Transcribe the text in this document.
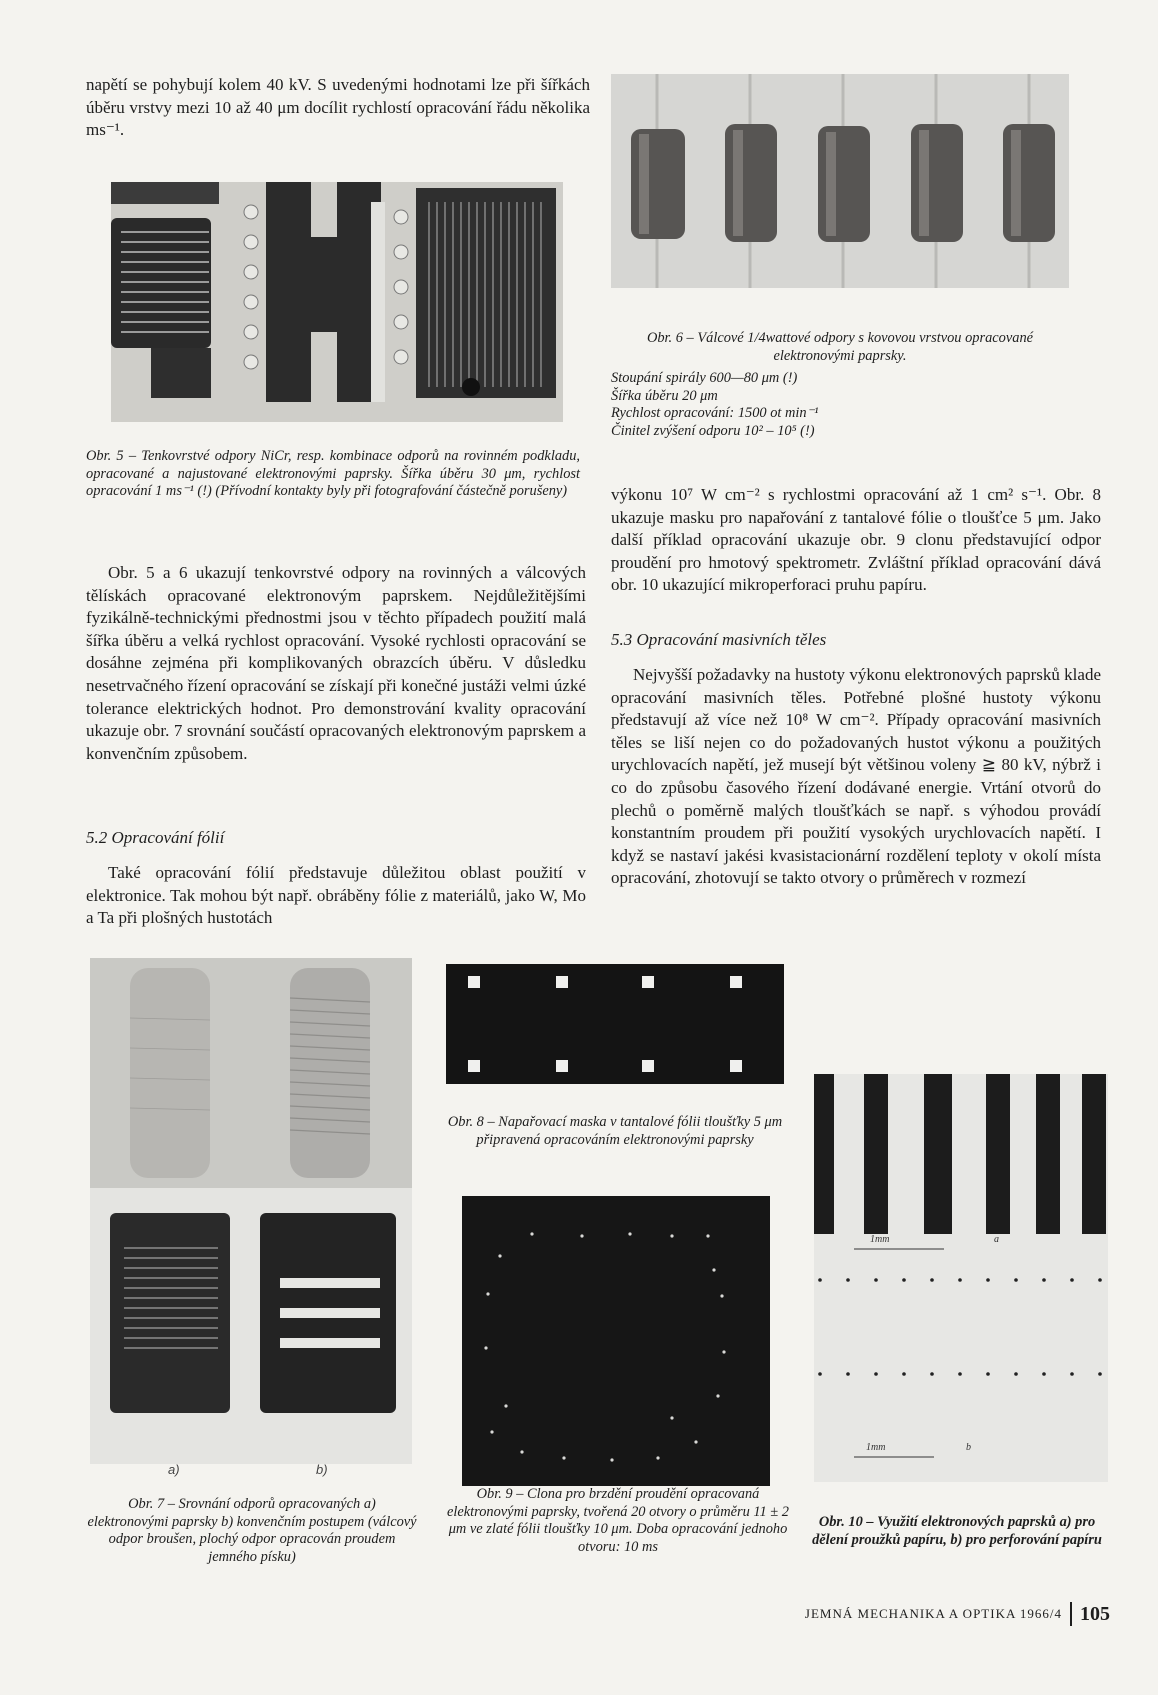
napětí se pohybují kolem 40 kV. S uvedenými hodnotami lze při šířkách úběru vrstvy mezi 10 až 40 μm docílit rychlostí opracování řádu několika ms⁻¹.

Obr. 5 – Tenkovrstvé odpory NiCr, resp. kombinace odporů na rovinném podkladu, opracované a najustované elektronovými paprsky. Šířka úběru 30 μm, rychlost opracování 1 ms⁻¹ (!) (Přívodní kontakty byly při fotografování částečně porušeny)

Obr. 5 a 6 ukazují tenkovrstvé odpory na rovinných a válcových tělískách opracované elektronovým paprskem. Nejdůležitějšími fyzikálně-technickými přednostmi jsou v těchto případech použití malá šířka úběru a velká rychlost opracování. Vysoké rychlosti opracování se dosáhne zejména při komplikovaných obrazcích úběru. V důsledku nesetrvačného řízení opracování se získají při konečné justáži velmi úzké tolerance elektrických hodnot. Pro demonstrování kvality opracování ukazuje obr. 7 srovnání součástí opracovaných elektronovým paprskem a konvenčním způsobem.

5.2 Opracování fólií

Také opracování fólií představuje důležitou oblast použití v elektronice. Tak mohou být např. obráběny fólie z materiálů, jako W, Mo a Ta při plošných hustotách

Obr. 6 – Válcové 1/4wattové odpory s kovovou vrstvou opracované elektronovými paprsky.

Stoupání spirály 600—80 μm (!)

Šířka úběru 20 μm

Rychlost opracování: 1500 ot min⁻¹

Činitel zvýšení odporu 10² – 10⁵ (!)

výkonu 10⁷ W cm⁻² s rychlostmi opracování až 1 cm² s⁻¹. Obr. 8 ukazuje masku pro napařování z tantalové fólie o tloušťce 5 μm. Jako další příklad opracování ukazuje obr. 9 clonu představující odpor proudění pro hmotový spektrometr. Zvláštní příklad opracování dává obr. 10 ukazující mikroperforaci pruhu papíru.

5.3 Opracování masivních těles

Nejvyšší požadavky na hustoty výkonu elektronových paprsků klade opracování masivních těles. Potřebné plošné hustoty výkonu představují až více než 10⁸ W cm⁻². Případy opracování masivních těles se liší nejen co do požadovaných hustot výkonu a použitých urychlovacích napětí, jež musejí být většinou voleny ≧ 80 kV, nýbrž i co do způsobu časového řízení dodávané energie. Vrtání otvorů do plechů o poměrně malých tloušťkách se např. s výhodou provádí konstantním proudem při použití vysokých urychlovacích napětí. I když se nastaví jakési kvasistacionární rozdělení teploty v okolí místa opracování, zhotovují se takto otvory o průměrech v rozmezí

a)	b)

Obr. 7 – Srovnání odporů opracovaných a) elektronovými paprsky b) konvenčním postupem (válcový odpor broušen, plochý odpor opracován proudem jemného písku)

Obr. 8 – Napařovací maska v tantalové fólii tloušťky 5 μm připravená opracováním elektronovými paprsky

Obr. 9 – Clona pro brzdění proudění opracovaná elektronovými paprsky, tvořená 20 otvory o průměru 11 ± 2 μm ve zlaté fólii tloušťky 10 μm. Doba opracování jednoho otvoru: 10 ms

1mm	a
1mm	b

Obr. 10 – Využití elektronových paprsků a) pro dělení proužků papíru, b) pro perforování papíru

JEMNÁ MECHANIKA A OPTIKA 1966/4 105
